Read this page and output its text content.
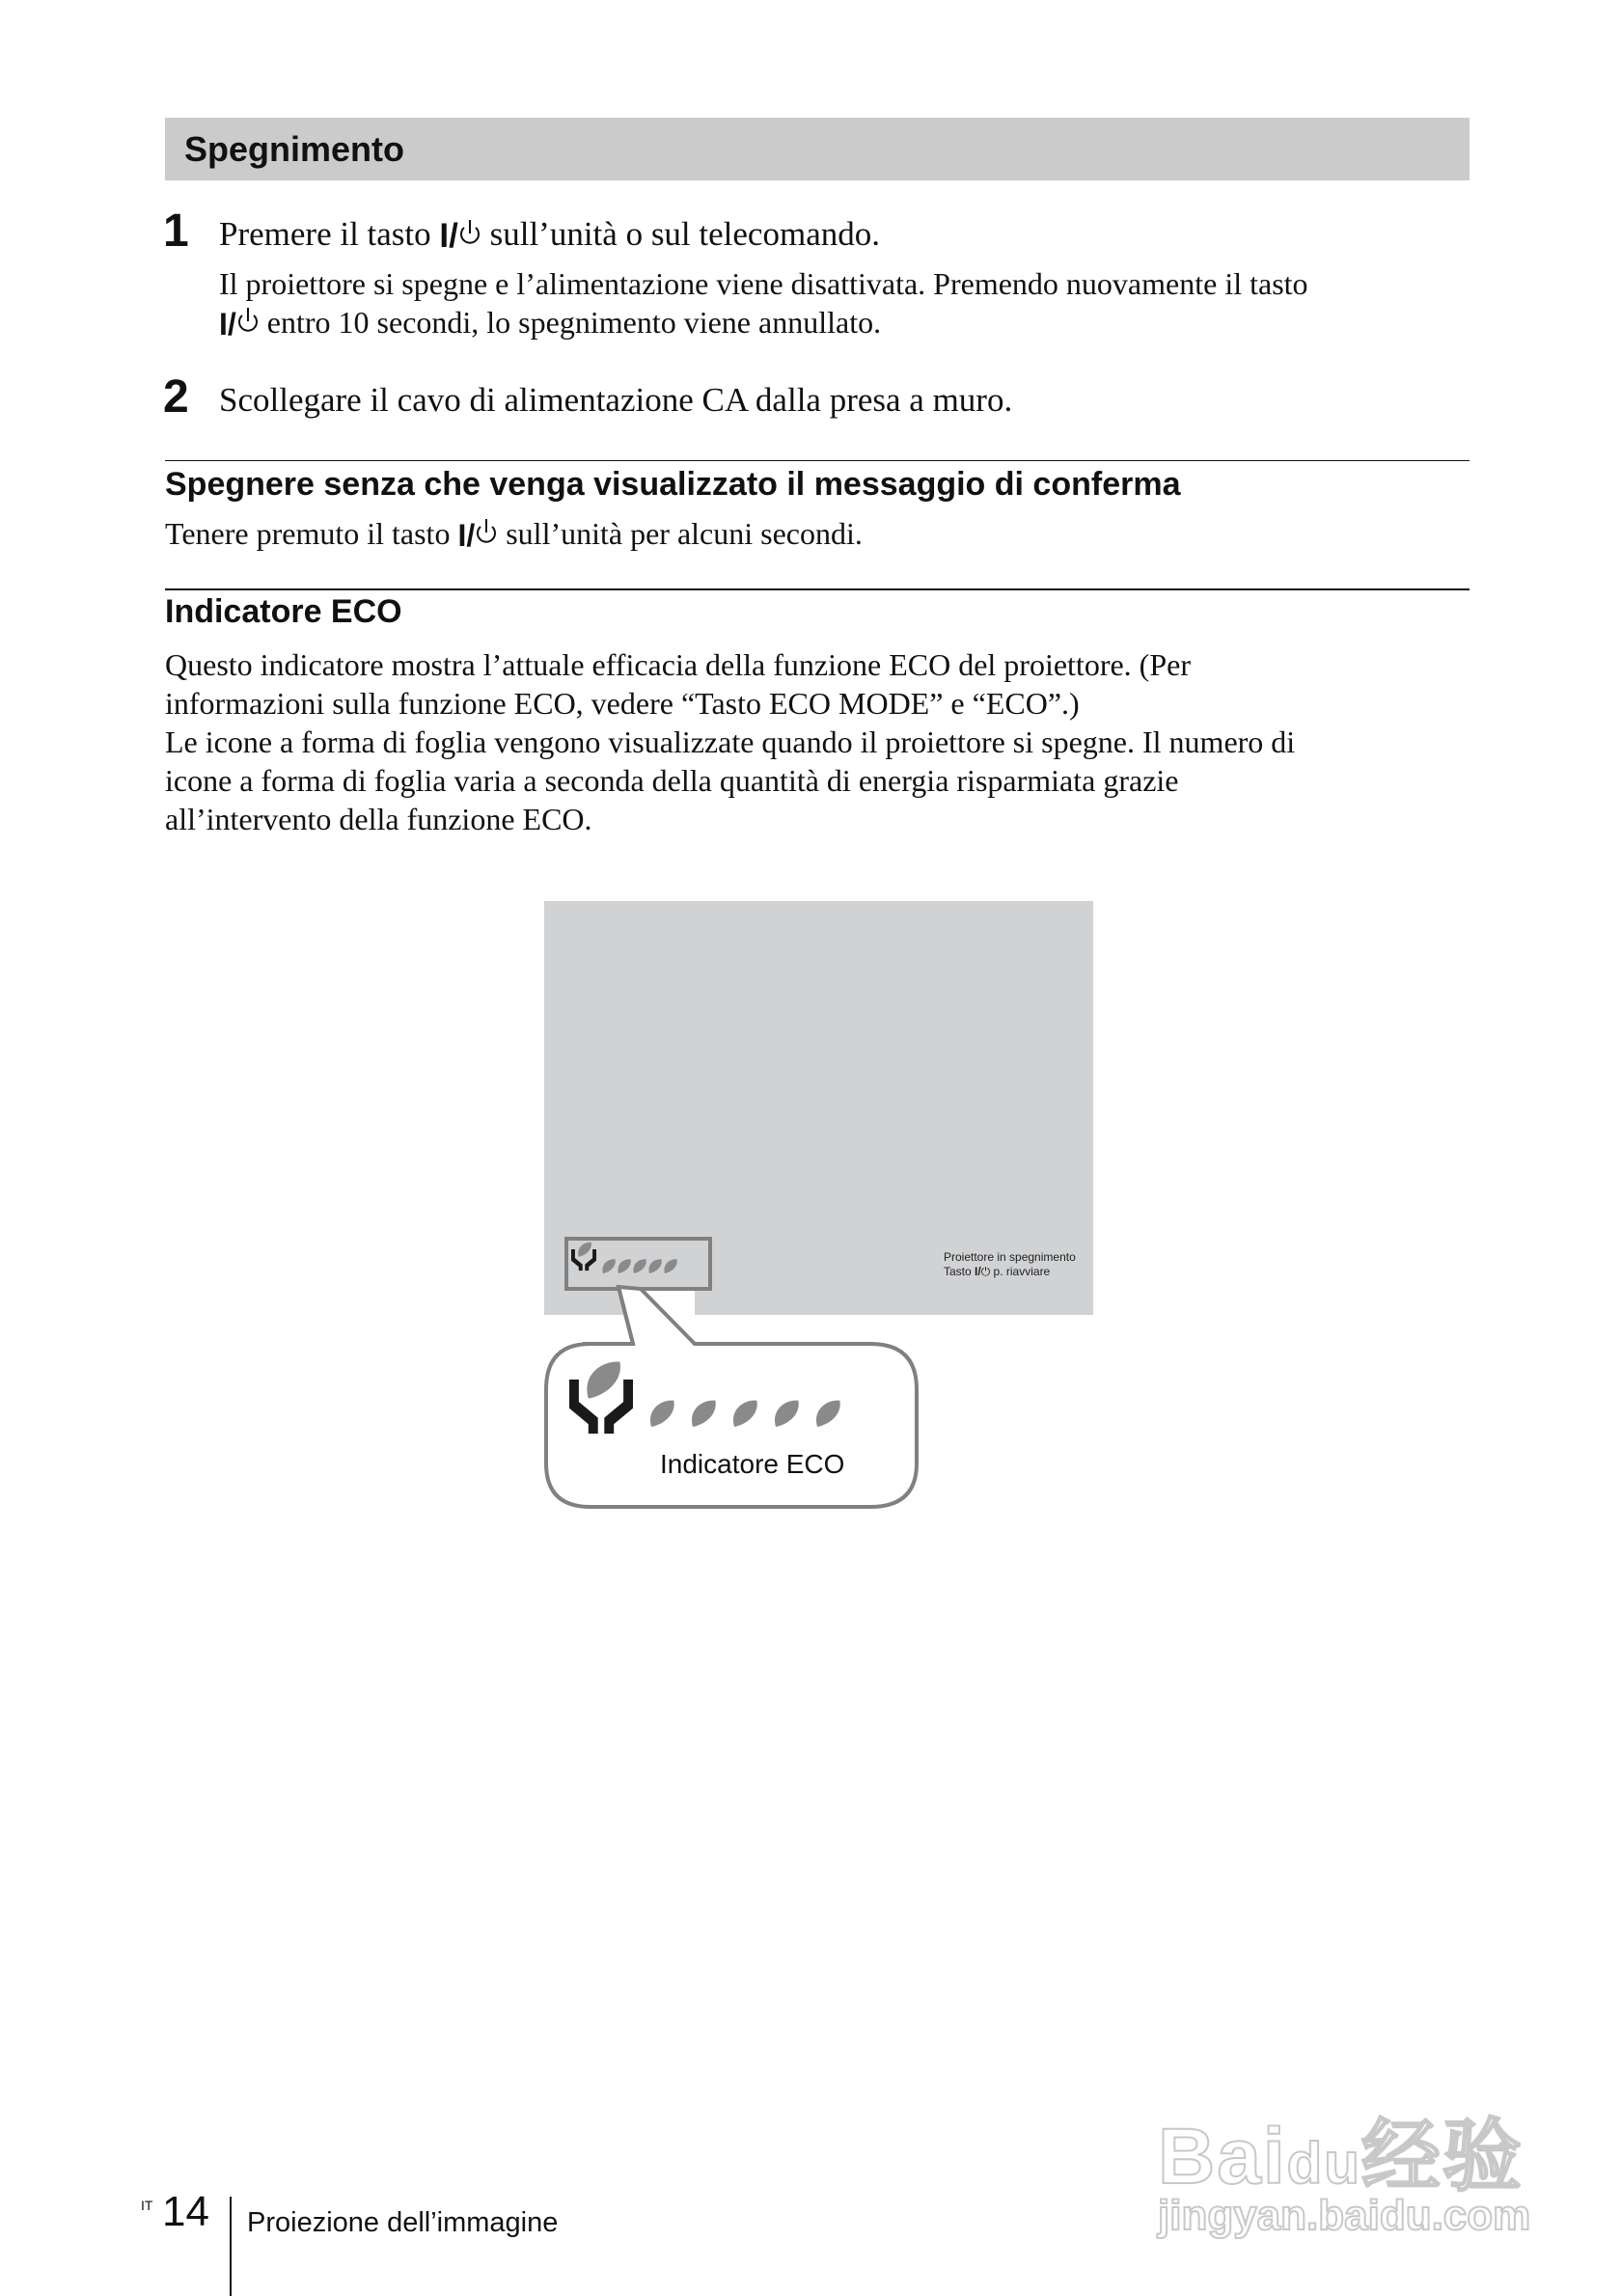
Spegnimento
1 Premere il tasto I/ sull’unità o sul telecomando.
Il proiettore si spegne e l’alimentazione viene disattivata. Premendo nuovamente il tasto
I/ entro 10 secondi, lo spegnimento viene annullato.
2 Scollegare il cavo di alimentazione CA dalla presa a muro.
Spegnere senza che venga visualizzato il messaggio di conferma
Tenere premuto il tasto I/ sull’unità per alcuni secondi.
Indicatore ECO
Questo indicatore mostra l’attuale efficacia della funzione ECO del proiettore. (Per
informazioni sulla funzione ECO, vedere “Tasto ECO MODE” e “ECO”.)
Le icone a forma di foglia vengono visualizzate quando il proiettore si spegne. Il numero di
icone a forma di foglia varia a seconda della quantità di energia risparmiata grazie
all’intervento della funzione ECO.
Proiettore in spegnimento
Tasto I/⏻ p. riavviare
Indicatore ECO
IT 14 Proiezione dell’immagine
Baidu经验
jingyan.baidu.com
